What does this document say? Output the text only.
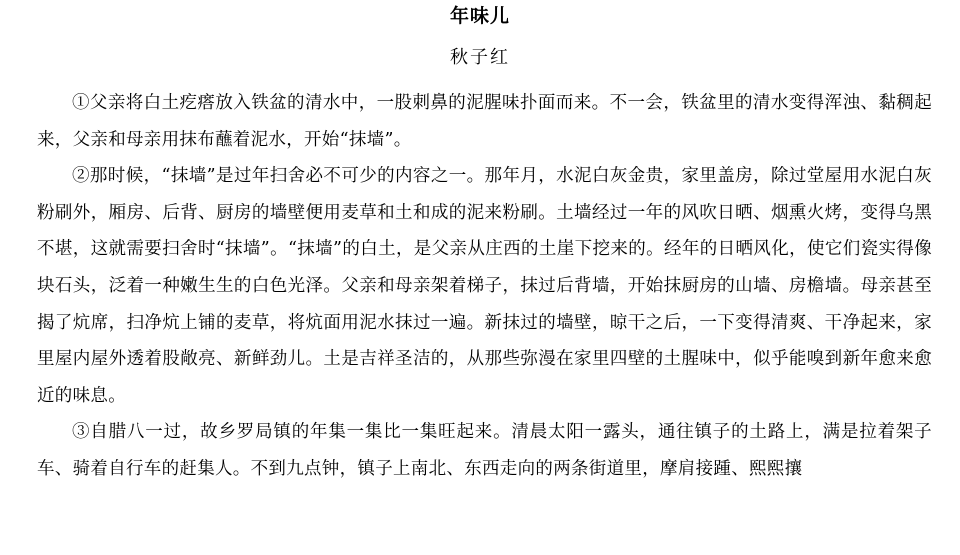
年味儿
秋子红

①父亲将白土疙瘩放入铁盆的清水中，一股刺鼻的泥腥味扑面而来。不一会，铁盆里的清水变得浑浊、黏稠起来，父亲和母亲用抹布蘸着泥水，开始“抹墙”。

②那时候，“抹墙”是过年扫舍必不可少的内容之一。那年月，水泥白灰金贵，家里盖房，除过堂屋用水泥白灰粉刷外，厢房、后背、厨房的墙壁便用麦草和土和成的泥来粉刷。土墙经过一年的风吹日晒、烟熏火烤，变得乌黑不堪，这就需要扫舍时“抹墙”。“抹墙”的白土，是父亲从庄西的土崖下挖来的。经年的日晒风化，使它们瓷实得像块石头，泛着一种嫩生生的白色光泽。父亲和母亲架着梯子，抹过后背墙，开始抹厨房的山墙、房檐墙。母亲甚至揭了炕席，扫净炕上铺的麦草，将炕面用泥水抹过一遍。新抹过的墙壁，晾干之后，一下变得清爽、干净起来，家里屋内屋外透着股敞亮、新鲜劲儿。土是吉祥圣洁的，从那些弥漫在家里四壁的土腥味中，似乎能嗅到新年愈来愈近的味息。

③自腊八一过，故乡罗局镇的年集一集比一集旺起来。清晨太阳一露头，通往镇子的土路上，满是拉着架子车、骑着自行车的赶集人。不到九点钟，镇子上南北、东西走向的两条街道里，摩肩接踵、熙熙攘
